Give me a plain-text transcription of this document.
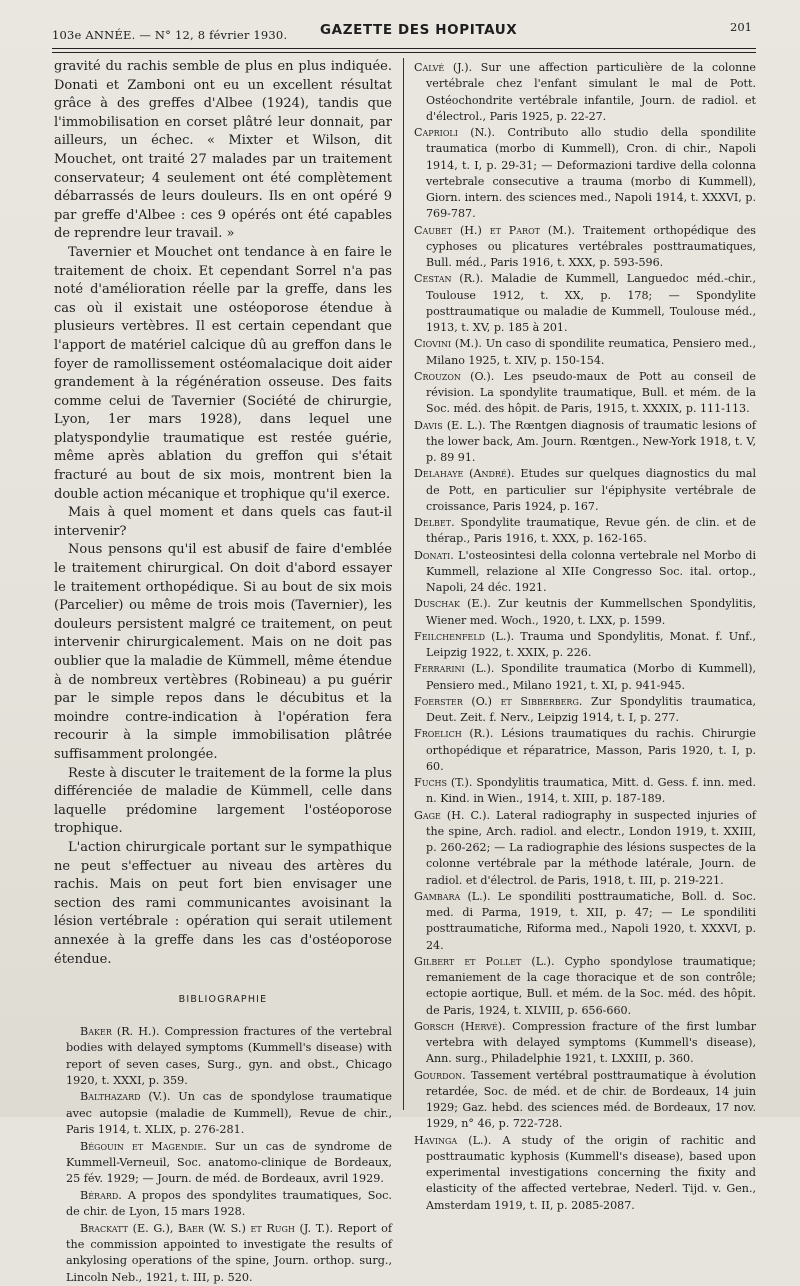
103e ANNÉE. — N° 12, 8 février 1930. GAZETTE DES HOPITAUX	201

gravité du rachis semble de plus en plus indiquée. Donati et Zamboni ont eu un excellent résultat grâce à des greffes d'Albee (1924), tandis que l'immobilisation en corset plâtré leur donnait, par ailleurs, un échec. « Mixter et Wilson, dit Mouchet, ont traité 27 malades par un traitement conservateur; 4 seulement ont été complètement débarrassés de leurs douleurs. Ils en ont opéré 9 par greffe d'Albee : ces 9 opérés ont été capables de reprendre leur travail. »

Tavernier et Mouchet ont tendance à en faire le traitement de choix. Et cependant Sorrel n'a pas noté d'amélioration réelle par la greffe, dans les cas où il existait une ostéoporose étendue à plusieurs vertèbres. Il est certain cependant que l'apport de matériel calcique dû au greffon dans le foyer de ramollissement ostéomalacique doit aider grandement à la régénération osseuse. Des faits comme celui de Tavernier (Société de chirurgie, Lyon, 1er mars 1928), dans lequel une platyspondylie traumatique est restée guérie, même après ablation du greffon qui s'était fracturé au bout de six mois, montrent bien la double action mécanique et trophique qu'il exerce.

Mais à quel moment et dans quels cas faut-il intervenir?

Nous pensons qu'il est abusif de faire d'emblée le traitement chirurgical. On doit d'abord essayer le traitement orthopédique. Si au bout de six mois (Parcelier) ou même de trois mois (Tavernier), les douleurs persistent malgré ce traitement, on peut intervenir chirurgicalement. Mais on ne doit pas oublier que la maladie de Kümmell, même étendue à de nombreux vertèbres (Robineau) a pu guérir par le simple repos dans le décubitus et la moindre contre-indication à l'opération fera recourir à la simple immobilisation plâtrée suffisamment prolongée.

Reste à discuter le traitement de la forme la plus différenciée de maladie de Kümmell, celle dans laquelle prédomine largement l'ostéoporose trophique.

L'action chirurgicale portant sur le sympathique ne peut s'effectuer au niveau des artères du rachis. Mais on peut fort bien envisager une section des rami communicantes avoisinant la lésion vertébrale : opération qui serait utilement annexée à la greffe dans les cas d'ostéoporose étendue.

BIBLIOGRAPHIE

Baker (R. H.). Compression fractures of the vertebral bodies with delayed symptoms (Kummell's disease) with report of seven cases, Surg., gyn. and obst., Chicago 1920, t. XXXI, p. 359.

Balthazard (V.). Un cas de spondylose traumatique avec autopsie (maladie de Kummell), Revue de chir., Paris 1914, t. XLIX, p. 276-281.

Bégouin et Magendie. Sur un cas de syndrome de Kummell-Verneuil, Soc. anatomo-clinique de Bordeaux, 25 fév. 1929; — Journ. de méd. de Bordeaux, avril 1929.

Bérard. A propos des spondylites traumatiques, Soc. de chir. de Lyon, 15 mars 1928.

Brackatt (E. G.), Baer (W. S.) et Rugh (J. T.). Report of the commission appointed to investigate the results of ankylosing operations of the spine, Journ. orthop. surg., Lincoln Neb., 1921, t. III, p. 520.

Calvé (J.). Sur une affection particulière de la colonne vertébrale chez l'enfant simulant le mal de Pott. Ostéochondrite vertébrale infantile, Journ. de radiol. et d'électrol., Paris 1925, p. 22-27.

Caprioli (N.). Contributo allo studio della spondilite traumatica (morbo di Kummell), Cron. di chir., Napoli 1914, t. I, p. 29-31; — Deformazioni tardive della colonna vertebrale consecutive a trauma (morbo di Kummell), Giorn. intern. des sciences med., Napoli 1914, t. XXXVI, p. 769-787.

Caubet (H.) et Parot (M.). Traitement orthopédique des cyphoses ou plicatures vertébrales posttraumatiques, Bull. méd., Paris 1916, t. XXX, p. 593-596.

Cestan (R.). Maladie de Kummell, Languedoc méd.-chir., Toulouse 1912, t. XX, p. 178; — Spondylite posttraumatique ou maladie de Kummell, Toulouse méd., 1913, t. XV, p. 185 à 201.

Ciovini (M.). Un caso di spondilite reumatica, Pensiero med., Milano 1925, t. XIV, p. 150-154.

Crouzon (O.). Les pseudo-maux de Pott au conseil de révision. La spondylite traumatique, Bull. et mém. de la Soc. méd. des hôpit. de Paris, 1915, t. XXXIX, p. 111-113.

Davis (E. L.). The Rœntgen diagnosis of traumatic lesions of the lower back, Am. Journ. Rœntgen., New-York 1918, t. V, p. 89 91.

Delahaye (André). Etudes sur quelques diagnostics du mal de Pott, en particulier sur l'épiphysite vertébrale de croissance, Paris 1924, p. 167.

Delbet. Spondylite traumatique, Revue gén. de clin. et de thérap., Paris 1916, t. XXX, p. 162-165.

Donati. L'osteosintesi della colonna vertebrale nel Morbo di Kummell, relazione al XIIe Congresso Soc. ital. ortop., Napoli, 24 déc. 1921.

Duschak (E.). Zur keutnis der Kummellschen Spondylitis, Wiener med. Woch., 1920, t. LXX, p. 1599.

Feilchenfeld (L.). Trauma und Spondylitis, Monat. f. Unf., Leipzig 1922, t. XXIX, p. 226.

Ferrarini (L.). Spondilite traumatica (Morbo di Kummell), Pensiero med., Milano 1921, t. XI, p. 941-945.

Foerster (O.) et Sibberberg. Zur Spondylitis traumatica, Deut. Zeit. f. Nerv., Leipzig 1914, t. I, p. 277.

Froelich (R.). Lésions traumatiques du rachis. Chirurgie orthopédique et réparatrice, Masson, Paris 1920, t. I, p. 60.

Fuchs (T.). Spondylitis traumatica, Mitt. d. Gess. f. inn. med. n. Kind. in Wien., 1914, t. XIII, p. 187-189.

Gage (H. C.). Lateral radiography in suspected injuries of the spine, Arch. radiol. and electr., London 1919, t. XXIII, p. 260-262; — La radiographie des lésions suspectes de la colonne vertébrale par la méthode latérale, Journ. de radiol. et d'électrol. de Paris, 1918, t. III, p. 219-221.

Gambara (L.). Le spondiliti posttraumatiche, Boll. d. Soc. med. di Parma, 1919, t. XII, p. 47; — Le spondiliti posttraumatiche, Riforma med., Napoli 1920, t. XXXVI, p. 24.

Gilbert et Pollet (L.). Cypho spondylose traumatique; remaniement de la cage thoracique et de son contrôle; ectopie aortique, Bull. et mém. de la Soc. méd. des hôpit. de Paris, 1924, t. XLVIII, p. 656-660.

Gorsch (Hervé). Compression fracture of the first lumbar vertebra with delayed symptoms (Kummell's disease), Ann. surg., Philadelphie 1921, t. LXXIII, p. 360.

Gourdon. Tassement vertébral posttraumatique à évolution retardée, Soc. de méd. et de chir. de Bordeaux, 14 juin 1929; Gaz. hebd. des sciences méd. de Bordeaux, 17 nov. 1929, n° 46, p. 722-728.

Havinga (L.). A study of the origin of rachitic and posttraumatic kyphosis (Kummell's disease), based upon experimental investigations concerning the fixity and elasticity of the affected vertebrae, Nederl. Tijd. v. Gen., Amsterdam 1919, t. II, p. 2085-2087.
